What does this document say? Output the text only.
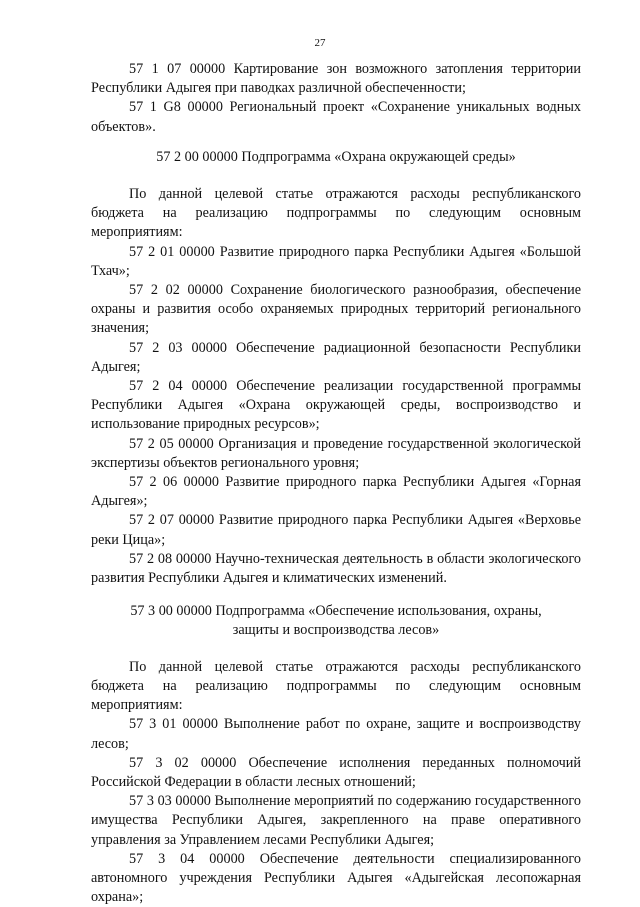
27

57 1 07 00000 Картирование зон возможного затопления территории Республики Адыгея при паводках различной обеспеченности;

57 1 G8 00000 Региональный проект «Сохранение уникальных водных объектов».

57 2 00 00000 Подпрограмма «Охрана окружающей среды»

По данной целевой статье отражаются расходы республиканского бюджета на реализацию подпрограммы по следующим основным мероприятиям:

57 2 01 00000 Развитие природного парка Республики Адыгея «Большой Тхач»;

57 2 02 00000 Сохранение биологического разнообразия, обеспечение охраны и развития особо охраняемых природных территорий регионального значения;

57 2 03 00000 Обеспечение радиационной безопасности Республики Адыгея;

57 2 04 00000 Обеспечение реализации государственной программы Республики Адыгея «Охрана окружающей среды, воспроизводство и использование природных ресурсов»;

57 2 05 00000 Организация и проведение государственной экологической экспертизы объектов регионального уровня;

57 2 06 00000 Развитие природного парка Республики Адыгея «Горная Адыгея»;

57 2 07 00000 Развитие природного парка Республики Адыгея «Верховье реки Цица»;

57 2 08 00000 Научно-техническая деятельность в области экологического развития Республики Адыгея и климатических изменений.

57 3 00 00000 Подпрограмма «Обеспечение использования, охраны,
защиты и воспроизводства лесов»

По данной целевой статье отражаются расходы республиканского бюджета на реализацию подпрограммы по следующим основным мероприятиям:

57 3 01 00000 Выполнение работ по охране, защите и воспроизводству лесов;

57 3 02 00000 Обеспечение исполнения переданных полномочий Российской Федерации в области лесных отношений;

57 3 03 00000 Выполнение мероприятий по содержанию государственного имущества Республики Адыгея, закрепленного на праве оперативного управления за Управлением лесами Республики Адыгея;

57 3 04 00000 Обеспечение деятельности специализированного автономного учреждения Республики Адыгея «Адыгейская лесопожарная охрана»;
